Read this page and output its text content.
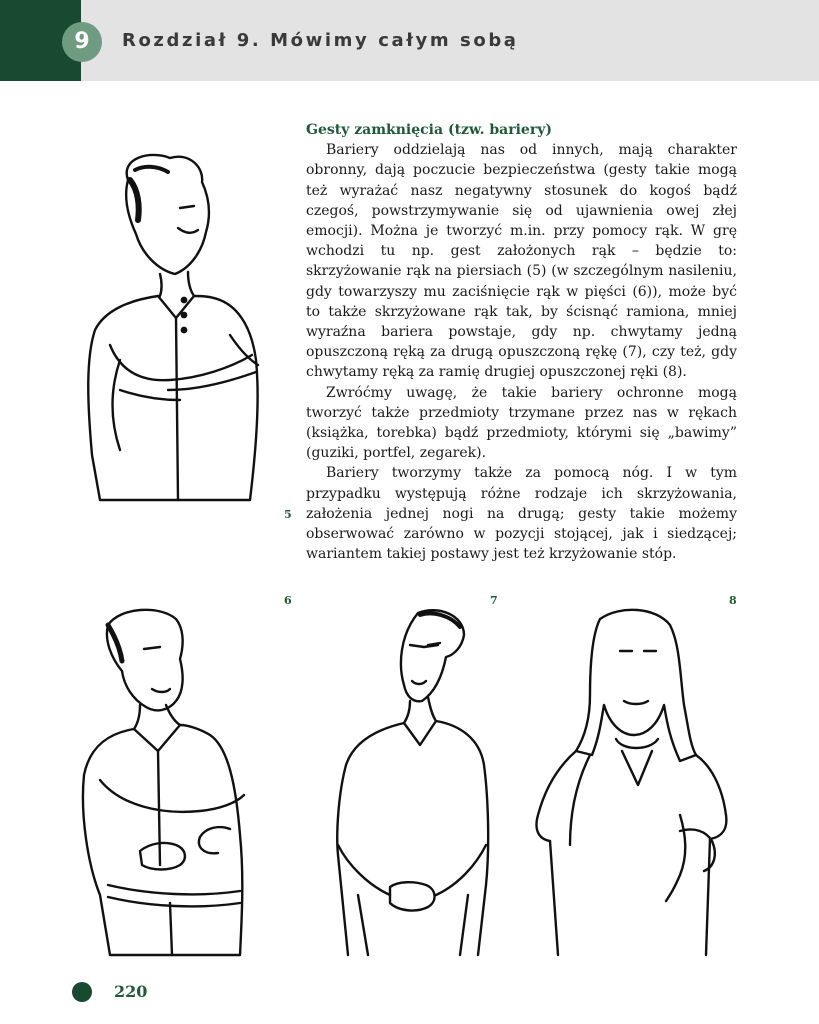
9	Rozdział 9. Mówimy całym sobą
Gesty zamknięcia (tzw. bariery)

Bariery oddzielają nas od innych, mają charakter obronny, dają poczucie bezpieczeństwa (gesty takie mogą też wyrażać nasz negatywny stosunek do kogoś bądź czegoś, powstrzymywanie się od ujawnienia owej złej emocji). Można je tworzyć m.in. przy pomocy rąk. W grę wchodzi tu np. gest założonych rąk – będzie to: skrzyżowanie rąk na piersiach (5) (w szczególnym nasileniu, gdy towarzyszy mu zaciśnięcie rąk w pięści (6)), może być to także skrzyżowane rąk tak, by ścisnąć ramiona, mniej wyraźna bariera powstaje, gdy np. chwytamy jedną opuszczoną ręką za drugą opuszczoną rękę (7), czy też, gdy chwytamy ręką za ramię drugiej opuszczonej ręki (8).

Zwróćmy uwagę, że takie bariery ochronne mogą tworzyć także przedmioty trzymane przez nas w rękach (książka, torebka) bądź przedmioty, którymi się „bawimy” (guziki, portfel, zegarek).

Bariery tworzymy także za pomocą nóg. I w tym przypadku występują różne rodzaje ich skrzyżowania, założenia jednej nogi na drugą; gesty takie możemy obserwować zarówno w pozycji stojącej, jak i siedzącej; wariantem takiej postawy jest też krzyżowanie stóp.

5
6	7	8
220
